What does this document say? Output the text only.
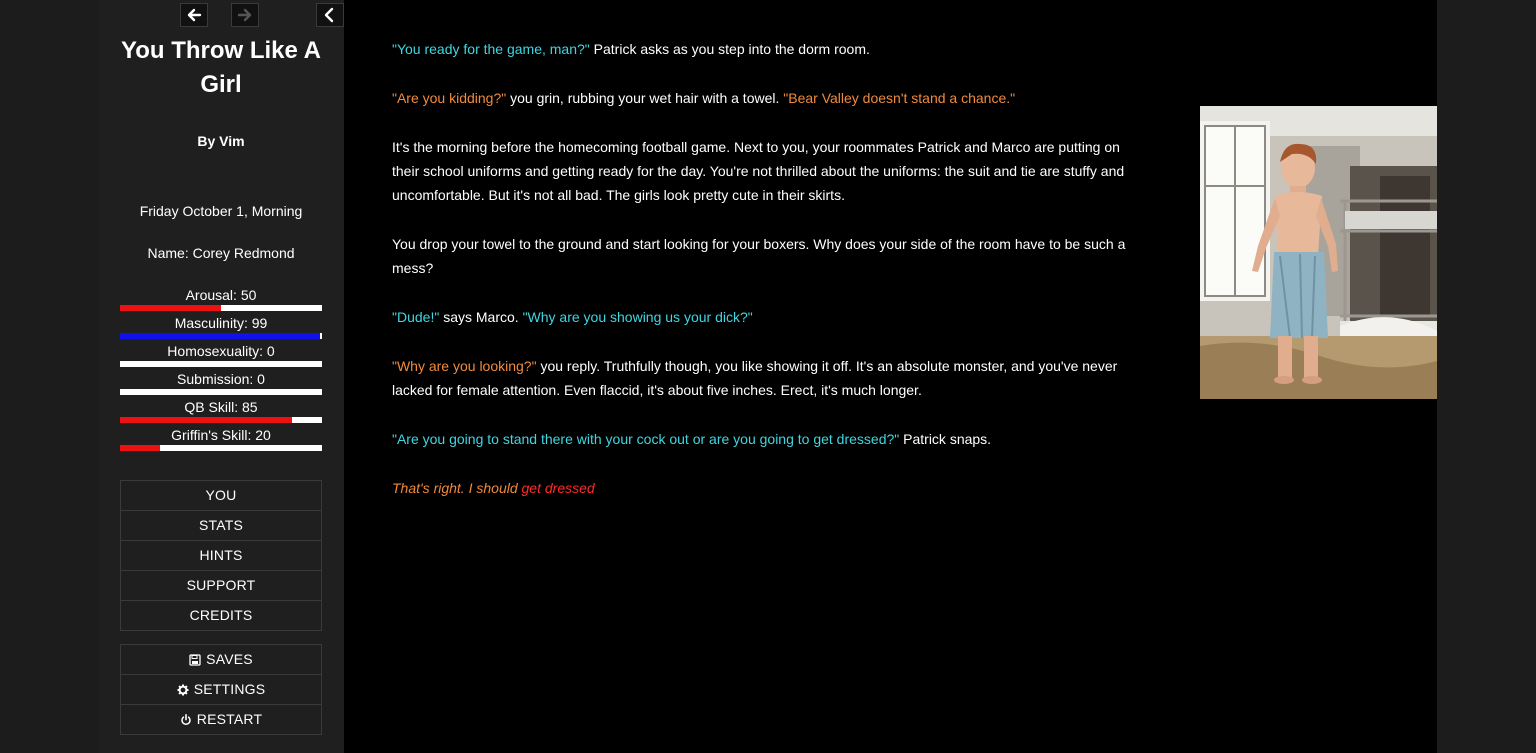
You Throw Like A Girl
By Vim
Friday October 1, Morning
Name: Corey Redmond
Arousal: 50
Masculinity: 99
Homosexuality: 0
Submission: 0
QB Skill: 85
Griffin's Skill: 20
YOU
STATS
HINTS
SUPPORT
CREDITS
SAVES
SETTINGS
RESTART

"You ready for the game, man?" Patrick asks as you step into the dorm room.

"Are you kidding?" you grin, rubbing your wet hair with a towel. "Bear Valley doesn't stand a chance."

It's the morning before the homecoming football game. Next to you, your roommates Patrick and Marco are putting on their school uniforms and getting ready for the day. You're not thrilled about the uniforms: the suit and tie are stuffy and uncomfortable. But it's not all bad. The girls look pretty cute in their skirts.

You drop your towel to the ground and start looking for your boxers. Why does your side of the room have to be such a mess?

"Dude!" says Marco. "Why are you showing us your dick?"

"Why are you looking?" you reply. Truthfully though, you like showing it off. It's an absolute monster, and you've never lacked for female attention. Even flaccid, it's about five inches. Erect, it's much longer.

"Are you going to stand there with your cock out or are you going to get dressed?" Patrick snaps.

That's right. I should get dressed
